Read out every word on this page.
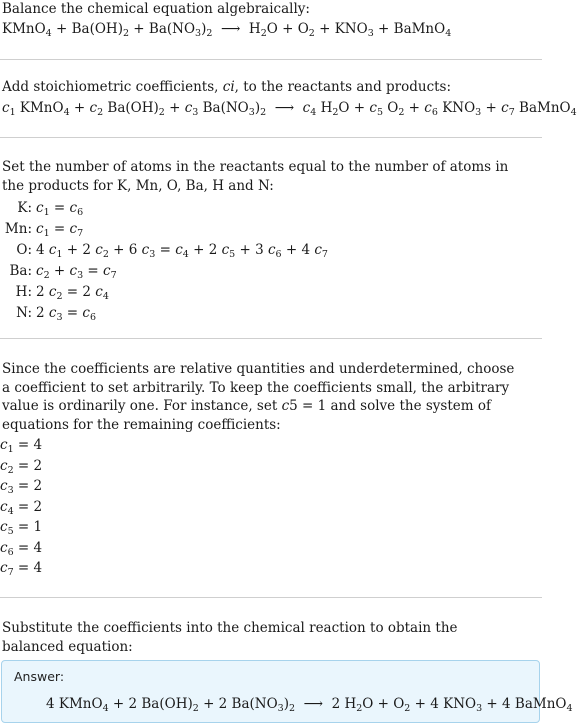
Balance the chemical equation algebraically:
KMnO$_4$ + $Ba(OH)_2 + Ba(NO_3)_2$  ⟶  $H_2O + O_2 + KNO_3$ + BaMnO$_4$
Add stoichiometric coefficients, ci, to the reactants and products:
$c_1$ KMnO$_4$ + $c_2$ $Ba(OH)_2 + c_3$ $Ba(NO_3)_2$  ⟶  $c_4$ $H_2O + c_5$ $O_2 + c_6$ $KNO_3 + c_7$ BaMnO$_4$
Set the number of atoms in the reactants equal to the number of atoms in the products for K, Mn, O, Ba, H and N:
K: $c_1 = c_6$
Mn: $c_1 = c_7$
O: 4 $c_1 + 2$ $c_2 + 6$ $c_3 = c_4 + 2$ $c_5 + 3$ $c_6 + 4$ $c_7$
Ba: $c_2 + c_3 = c_7$
H: 2 $c_2 = 2$ $c_4$
N: 2 $c_3 = c_6$
Since the coefficients are relative quantities and underdetermined, choose a coefficient to set arbitrarily. To keep the coefficients small, the arbitrary value is ordinarily one. For instance, set c5 = 1 and solve the system of equations for the remaining coefficients:
$c_1 = 4$
$c_2 = 2$
$c_3 = 2$
$c_4 = 2$
$c_5 = 1$
$c_6 = 4$
$c_7 = 4$
Substitute the coefficients into the chemical reaction to obtain the balanced equation:
Answer:
4 KMnO$_4$ + 2 $Ba(OH)_2 + 2$ $Ba(NO_3)_2$  ⟶  2 $H_2O + O_2 + 4$ $KNO_3 + 4$ BaMnO$_4$
